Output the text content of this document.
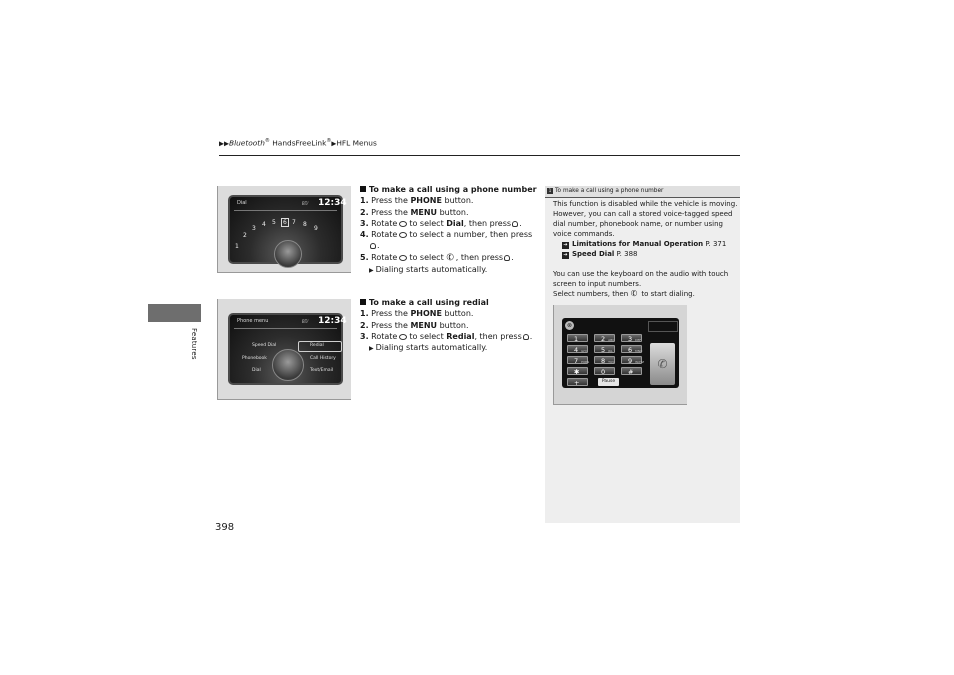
▶▶Bluetooth® HandsFreeLink®▶HFL Menus
Features
398
Dial	BT⁄ 12:34
1
2
3
4 5	6 7 8
9
Phone menu	BT⁄ 12:34
Speed Dial	Redial
Phonebook	Call History
Dial	Text/Email
To make a call using a phone number
1. Press the PHONE button.
2. Press the MENU button.
3. Rotate to select Dial, then press .
4. Rotate to select a number, then press
.
5. Rotate to select ✆, then press .
▶ Dialing starts automatically.
To make a call using redial
1. Press the PHONE button.
2. Press the MENU button.
3. Rotate to select Redial, then press .
▶ Dialing starts automatically.
1 To make a call using a phone number
This function is disabled while the vehicle is moving.
However, you can call a stored voice-tagged speed
dial number, phonebook name, or number using
voice commands.
➔ Limitations for Manual Operation P. 371
➔ Speed Dial P. 388
You can use the keyboard on the audio with touch
screen to input numbers.
Select numbers, then ✆ to start dialing.
⊗
1	2 ABC	3 DEF
4 GHI	5 JKL	6 MNO
7 PQRS	8 TUV	9 WXYZ
✱	0	#
+	Pause
✆
